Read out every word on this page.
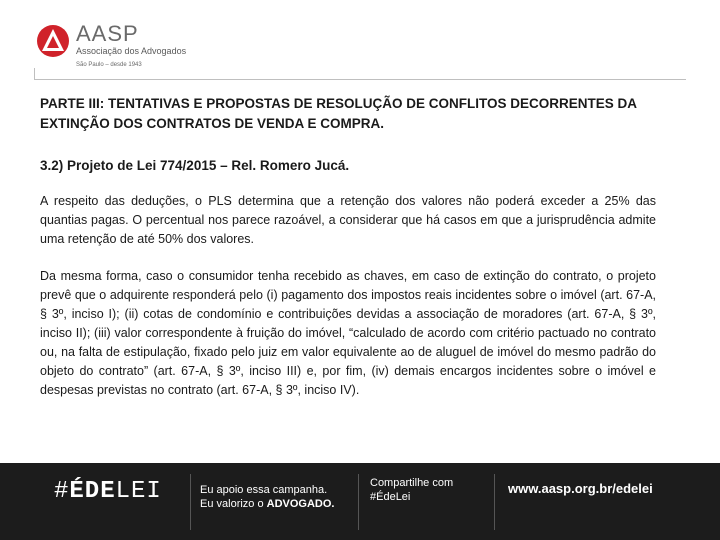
AASP
Associação dos Advogados
São Paulo – desde 1943

PARTE III: TENTATIVAS E PROPOSTAS DE RESOLUÇÃO DE CONFLITOS DECORRENTES DA EXTINÇÃO DOS CONTRATOS DE VENDA E COMPRA.

3.2) Projeto de Lei 774/2015 – Rel. Romero Jucá.

A respeito das deduções, o PLS determina que a retenção dos valores não poderá exceder a 25% das quantias pagas. O percentual nos parece razoável, a considerar que há casos em que a jurisprudência admite uma retenção de até 50% dos valores.

Da mesma forma, caso o consumidor tenha recebido as chaves, em caso de extinção do contrato, o projeto prevê que o adquirente responderá pelo (i) pagamento dos impostos reais incidentes sobre o imóvel (art. 67-A, § 3º, inciso I); (ii) cotas de condomínio e contribuições devidas a associação de moradores (art. 67-A, § 3º, inciso II); (iii) valor correspondente à fruição do imóvel, “calculado de acordo com critério pactuado no contrato ou, na falta de estipulação, fixado pelo juiz em valor equivalente ao de aluguel de imóvel do mesmo padrão do objeto do contrato” (art. 67-A, § 3º, inciso III) e, por fim, (iv) demais encargos incidentes sobre o imóvel e despesas previstas no contrato (art. 67-A, § 3º, inciso IV).

#ÉDELEI	Eu apoio essa campanha.
Eu valorizo o ADVOGADO.
Compartilhe com
#ÉdeLei
www.aasp.org.br/edelei
